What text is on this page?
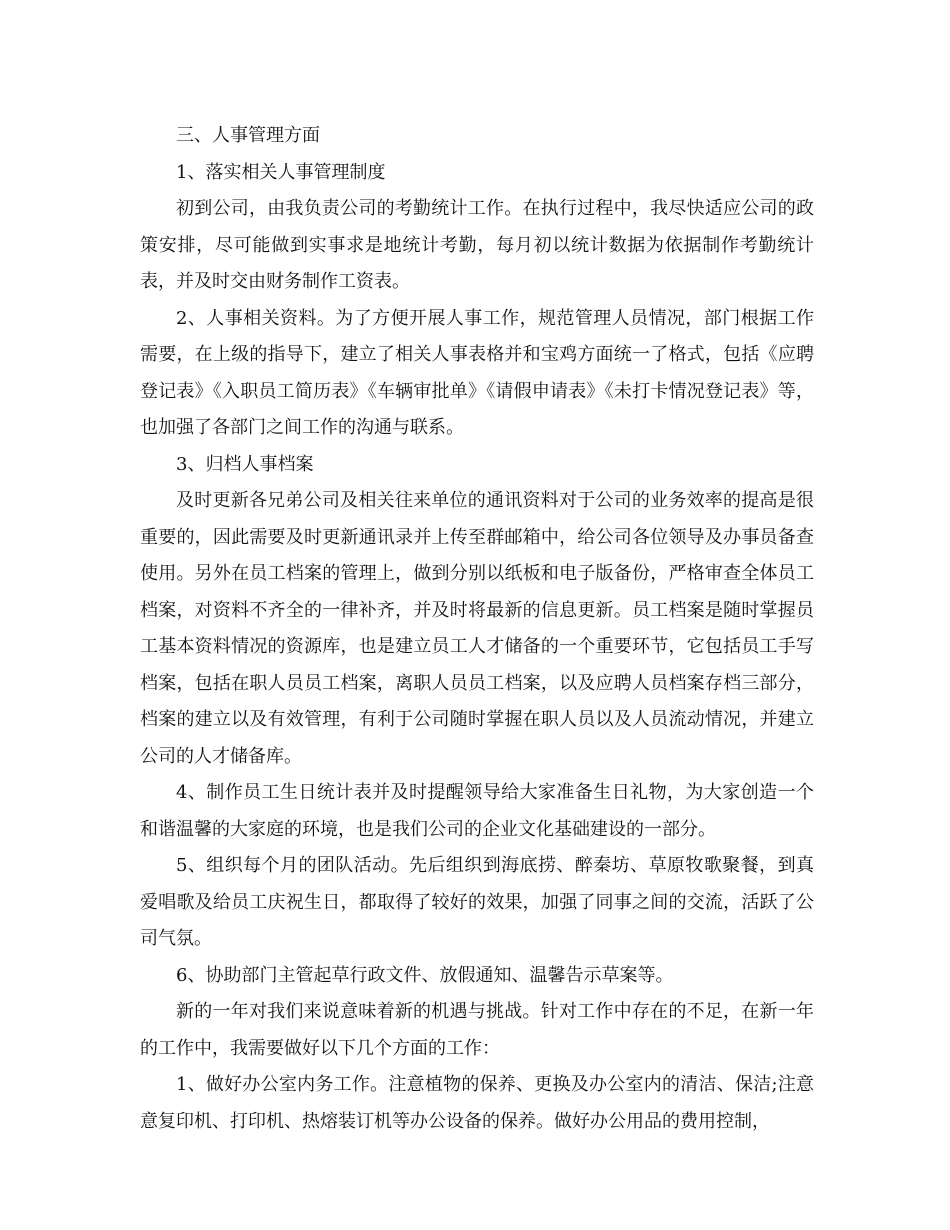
三、人事管理方面

1、落实相关人事管理制度

初到公司，由我负责公司的考勤统计工作。在执行过程中，我尽快适应公司的政策安排，尽可能做到实事求是地统计考勤，每月初以统计数据为依据制作考勤统计表，并及时交由财务制作工资表。

2、人事相关资料。为了方便开展人事工作，规范管理人员情况，部门根据工作需要，在上级的指导下，建立了相关人事表格并和宝鸡方面统一了格式，包括《应聘登记表》《入职员工简历表》《车辆审批单》《请假申请表》《未打卡情况登记表》等，也加强了各部门之间工作的沟通与联系。

3、归档人事档案

及时更新各兄弟公司及相关往来单位的通讯资料对于公司的业务效率的提高是很重要的，因此需要及时更新通讯录并上传至群邮箱中，给公司各位领导及办事员备查使用。另外在员工档案的管理上，做到分别以纸板和电子版备份，严格审查全体员工档案，对资料不齐全的一律补齐，并及时将最新的信息更新。员工档案是随时掌握员工基本资料情况的资源库，也是建立员工人才储备的一个重要环节，它包括员工手写档案，包括在职人员员工档案，离职人员员工档案，以及应聘人员档案存档三部分，档案的建立以及有效管理，有利于公司随时掌握在职人员以及人员流动情况，并建立公司的人才储备库。

4、制作员工生日统计表并及时提醒领导给大家准备生日礼物，为大家创造一个和谐温馨的大家庭的环境，也是我们公司的企业文化基础建设的一部分。

5、组织每个月的团队活动。先后组织到海底捞、醉秦坊、草原牧歌聚餐，到真爱唱歌及给员工庆祝生日，都取得了较好的效果，加强了同事之间的交流，活跃了公司气氛。

6、协助部门主管起草行政文件、放假通知、温馨告示草案等。

新的一年对我们来说意味着新的机遇与挑战。针对工作中存在的不足，在新一年的工作中，我需要做好以下几个方面的工作：

1、做好办公室内务工作。注意植物的保养、更换及办公室内的清洁、保洁;注意意复印机、打印机、热熔装订机等办公设备的保养。做好办公用品的费用控制，
